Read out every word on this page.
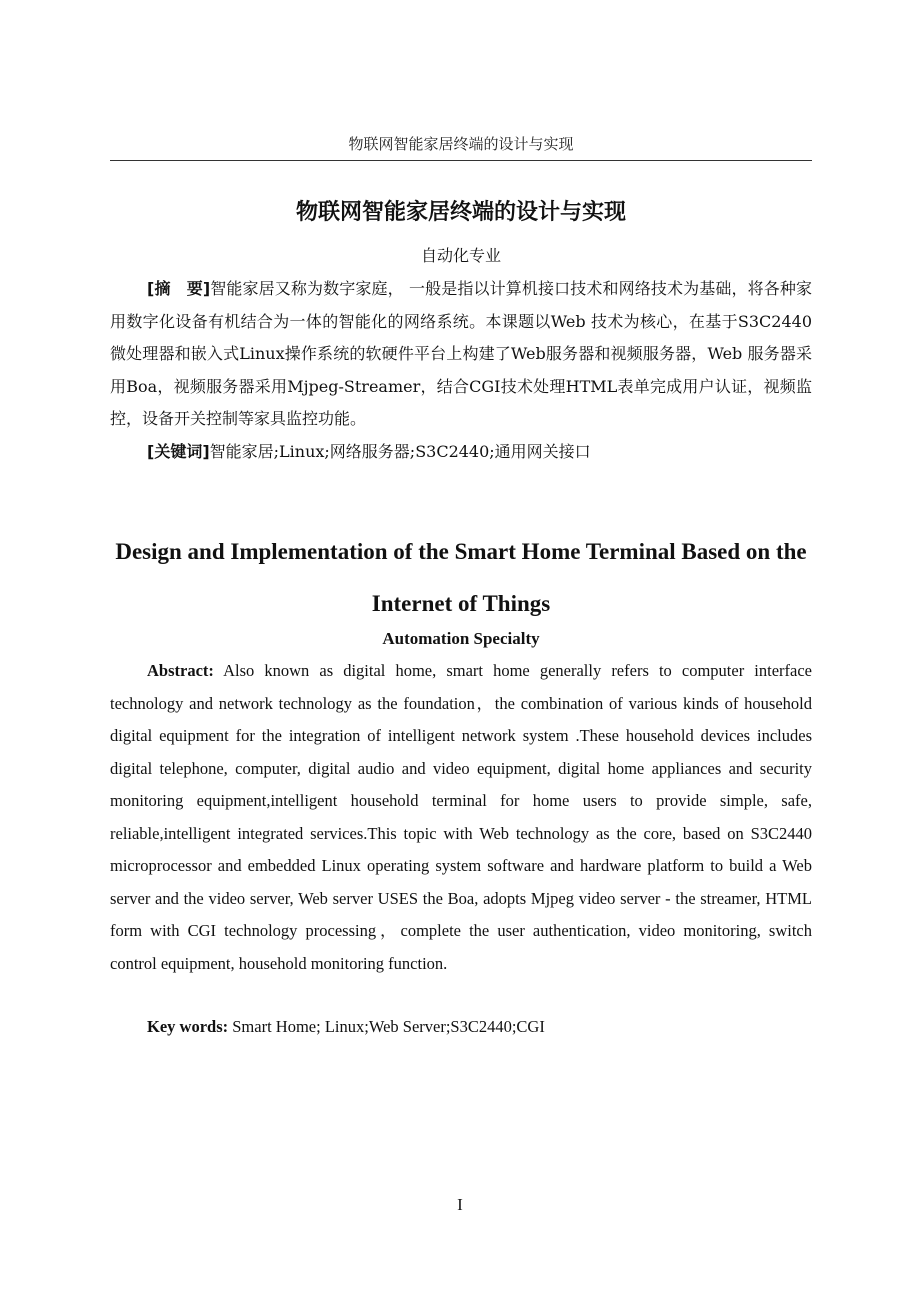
物联网智能家居终端的设计与实现
物联网智能家居终端的设计与实现
自动化专业

[摘　要]智能家居又称为数字家庭， 一般是指以计算机接口技术和网络技术为基础，将各种家用数字化设备有机结合为一体的智能化的网络系统。本课题以Web 技术为核心，在基于S3C2440微处理器和嵌入式Linux操作系统的软硬件平台上构建了Web服务器和视频服务器，Web 服务器采用Boa，视频服务器采用Mjpeg-Streamer，结合CGI技术处理HTML表单完成用户认证，视频监控，设备开关控制等家具监控功能。

[关键词]智能家居;Linux;网络服务器;S3C2440;通用网关接口

Design and Implementation of the Smart Home Terminal Based on the Internet of Things
Automation Specialty

Abstract: Also known as digital home, smart home generally refers to computer interface technology and network technology as the foundation，the combination of various kinds of household digital equipment for the integration of intelligent network system .These household devices includes digital telephone, computer, digital audio and video equipment, digital home appliances and security monitoring equipment,intelligent household terminal for home users to provide simple, safe, reliable,intelligent integrated services.This topic with Web technology as the core, based on S3C2440 microprocessor and embedded Linux operating system software and hardware platform to build a Web server and the video server, Web server USES the Boa, adopts Mjpeg video server - the streamer, HTML form with CGI technology processing，complete the user authentication, video monitoring, switch control equipment, household monitoring function.

Key words: Smart Home; Linux;Web Server;S3C2440;CGI

I
